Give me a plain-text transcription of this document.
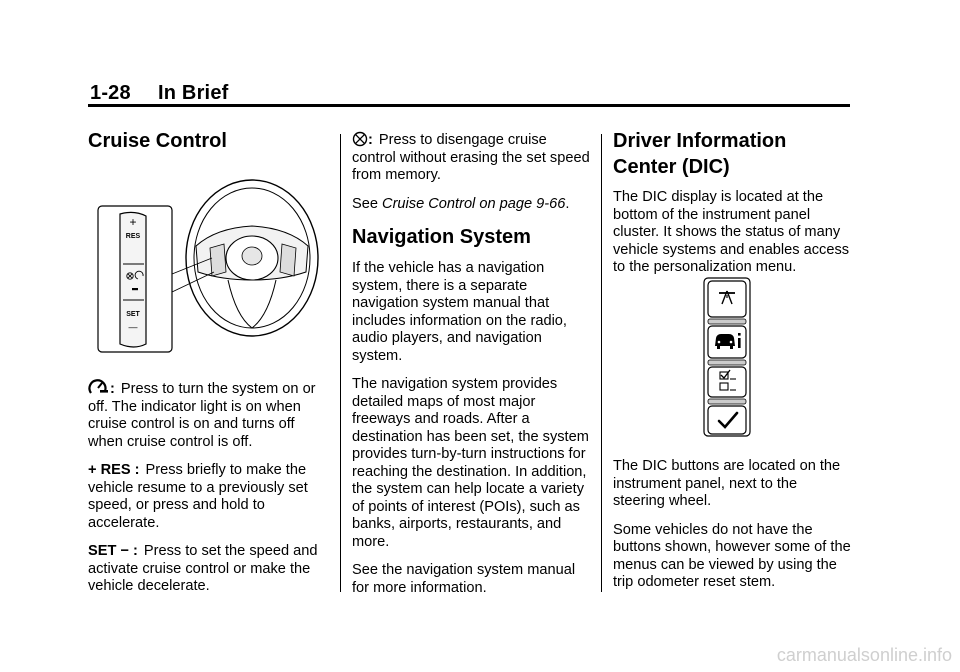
1-28 In Brief
Cruise Control
+
RES
SET
—

: Press to turn the system on or off. The indicator light is on when cruise control is on and turns off when cruise control is off.

+ RES : Press briefly to make the vehicle resume to a previously set speed, or press and hold to accelerate.

SET − : Press to set the speed and activate cruise control or make the vehicle decelerate.

: Press to disengage cruise control without erasing the set speed from memory.

See Cruise Control on page 9-66.

Navigation System

If the vehicle has a navigation system, there is a separate navigation system manual that includes information on the radio, audio players, and navigation system.

The navigation system provides detailed maps of most major freeways and roads. After a destination has been set, the system provides turn-by-turn instructions for reaching the destination. In addition, the system can help locate a variety of points of interest (POIs), such as banks, airports, restaurants, and more.

See the navigation system manual for more information.

Driver Information
Center (DIC)

The DIC display is located at the bottom of the instrument panel cluster. It shows the status of many vehicle systems and enables access to the personalization menu.

The DIC buttons are located on the instrument panel, next to the steering wheel.

Some vehicles do not have the buttons shown, however some of the menus can be viewed by using the trip odometer reset stem.

carmanualsonline.info
